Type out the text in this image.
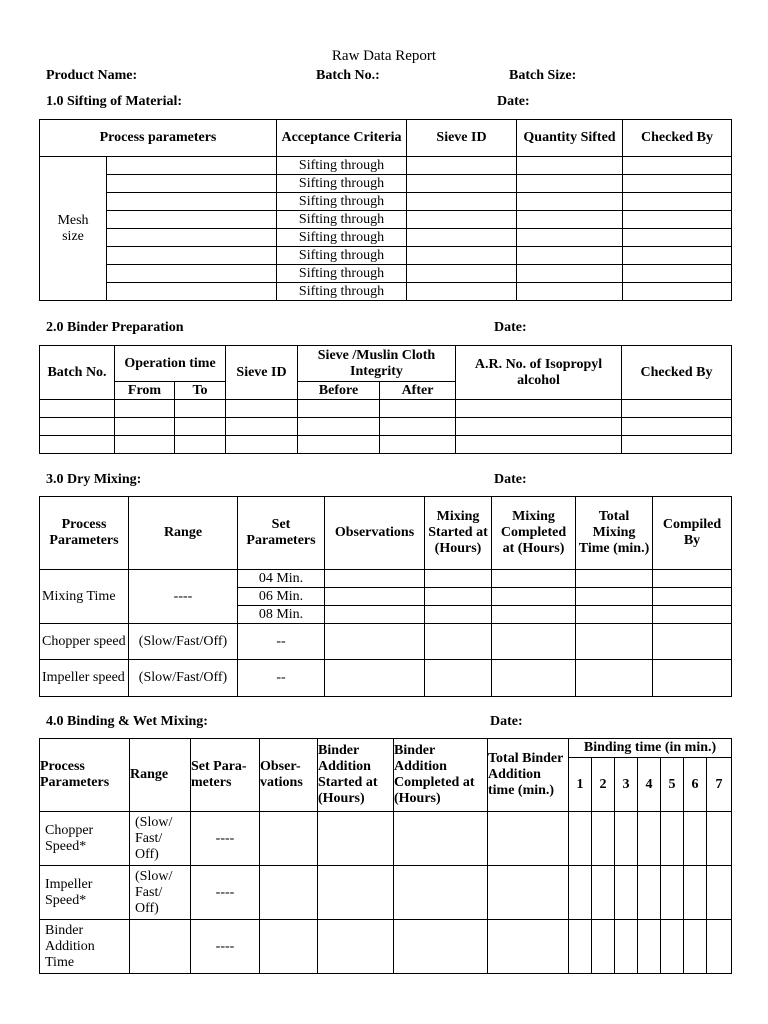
Raw Data Report
Product Name:	Batch No.:	Batch Size:
1.0 Sifting of Material:	Date:
Process parameters		Acceptance Criteria	Sieve ID	Quantity Sifted	Checked By
Mesh size		Sifting through			
		Sifting through			
		Sifting through			
		Sifting through			
		Sifting through			
		Sifting through			
		Sifting through			
		Sifting through			
2.0 Binder Preparation	Date:
Batch No.	Operation time		Sieve ID	Sieve /Muslin Cloth Integrity		A.R. No. of Isopropyl alcohol	Checked By
	From	To		Before	After		

3.0 Dry Mixing:	Date:
Process Parameters	Range	Set Parameters	Observations	Mixing Started at (Hours)	Mixing Completed at (Hours)	Total Mixing Time (min.)	Compiled By
Mixing Time	----	04 Min.					
		06 Min.					
		08 Min.					
Chopper speed	(Slow/Fast/Off)	--					
Impeller speed	(Slow/Fast/Off)	--					
4.0 Binding & Wet Mixing:	Date:
Process Parameters	Range	Set Para- meters	Obser- vations	Binder Addition Started at (Hours)	Binder Addition Completed at (Hours)	Total Binder Addition time (min.)	Binding time (in min.)						
							1	2	3	4	5	6	7
Chopper Speed*	(Slow/ Fast/ Off)	----											
Impeller Speed*	(Slow/ Fast/ Off)	----											
Binder Addition Time		----											
